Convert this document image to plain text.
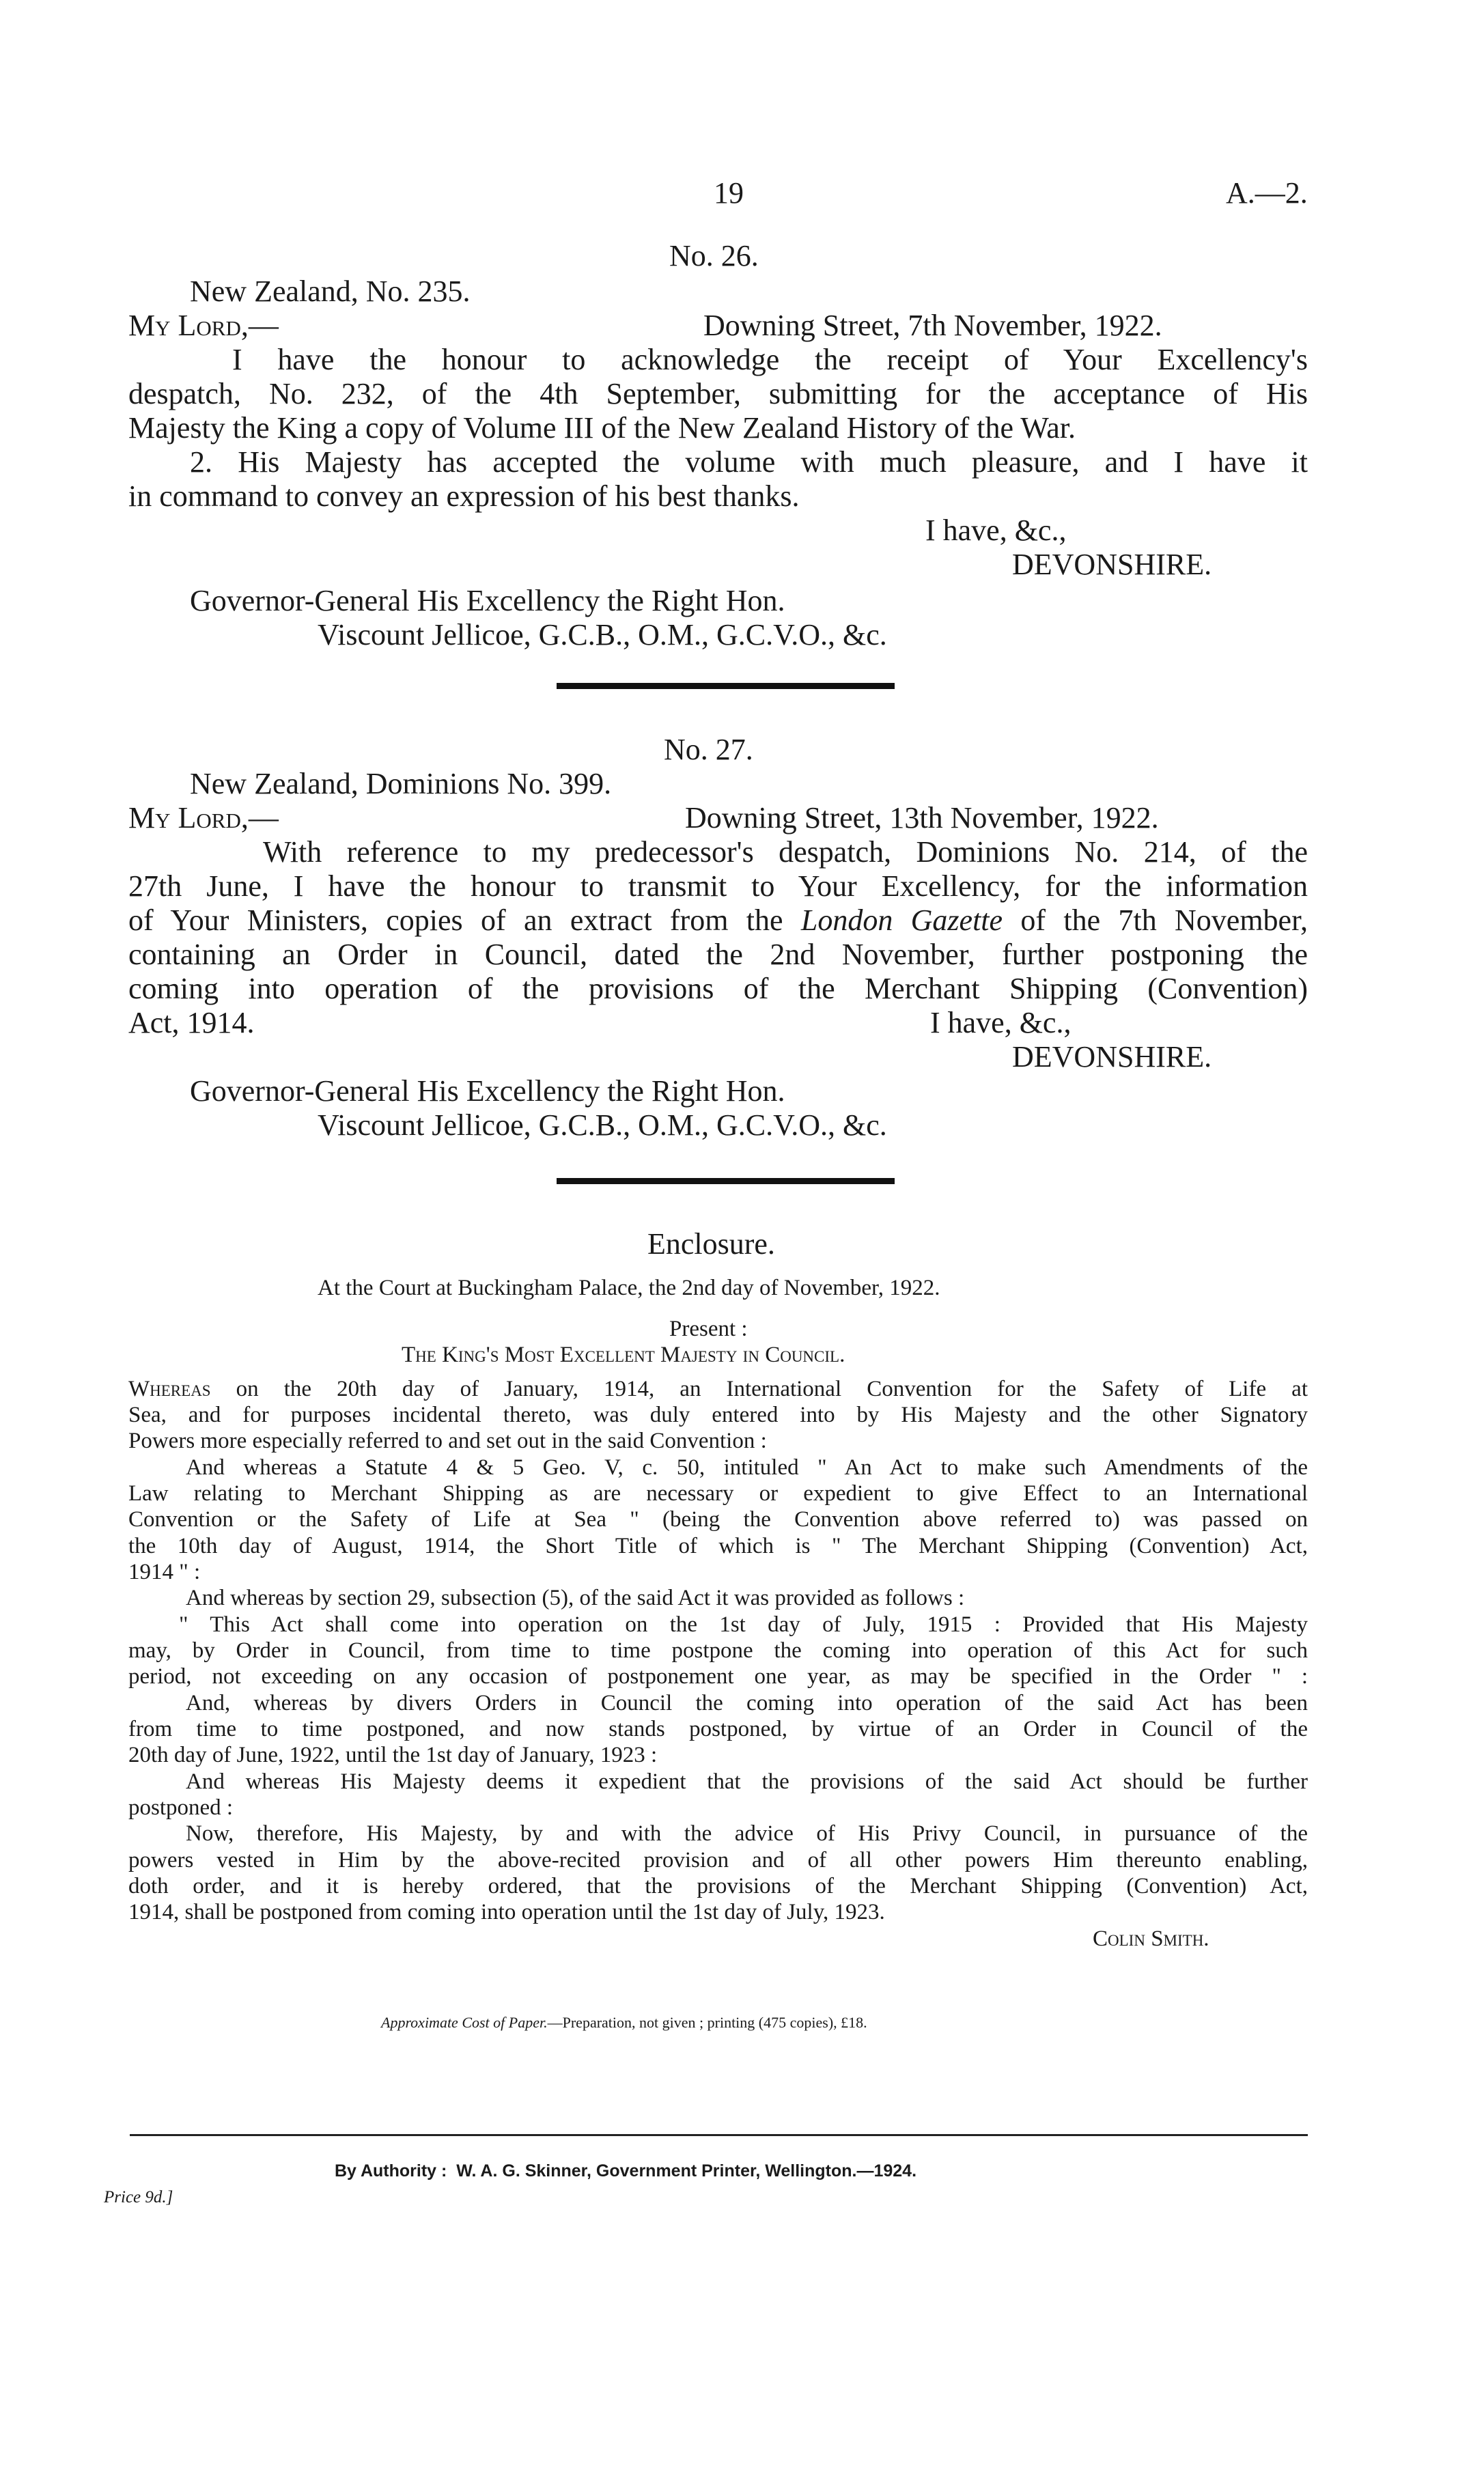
19	A.—2.
No. 26.
New Zealand, No. 235.
My Lord,—	Downing Street, 7th November, 1922.
I have the honour to acknowledge the receipt of Your Excellency's
despatch, No. 232, of the 4th September, submitting for the acceptance of His
Majesty the King a copy of Volume III of the New Zealand History of the War.
2. His Majesty has accepted the volume with much pleasure, and I have it
in command to convey an expression of his best thanks.
I have, &c.,
DEVONSHIRE.
Governor-General His Excellency the Right Hon.
Viscount Jellicoe, G.C.B., O.M., G.C.V.O., &c.
No. 27.
New Zealand, Dominions No. 399.
My Lord,—	Downing Street, 13th November, 1922.
With reference to my predecessor's despatch, Dominions No. 214, of the
27th June, I have the honour to transmit to Your Excellency, for the information
of Your Ministers, copies of an extract from the London Gazette of the 7th November,
containing an Order in Council, dated the 2nd November, further postponing the
coming into operation of the provisions of the Merchant Shipping (Convention)
Act, 1914.	I have, &c.,
DEVONSHIRE.
Governor-General His Excellency the Right Hon.
Viscount Jellicoe, G.C.B., O.M., G.C.V.O., &c.
Enclosure.
At the Court at Buckingham Palace, the 2nd day of November, 1922.
Present :
The King's Most Excellent Majesty in Council.
Whereas on the 20th day of January, 1914, an International Convention for the Safety of Life at
Sea, and for purposes incidental thereto, was duly entered into by His Majesty and the other Signatory
Powers more especially referred to and set out in the said Convention :
And whereas a Statute 4 & 5 Geo. V, c. 50, intituled " An Act to make such Amendments of the
Law relating to Merchant Shipping as are necessary or expedient to give Effect to an International
Convention or the Safety of Life at Sea " (being the Convention above referred to) was passed on
the 10th day of August, 1914, the Short Title of which is " The Merchant Shipping (Convention) Act,
1914 " :
And whereas by section 29, subsection (5), of the said Act it was provided as follows :
" This Act shall come into operation on the 1st day of July, 1915 : Provided that His Majesty
may, by Order in Council, from time to time postpone the coming into operation of this Act for such
period, not exceeding on any occasion of postponement one year, as may be specified in the Order " :
And, whereas by divers Orders in Council the coming into operation of the said Act has been
from time to time postponed, and now stands postponed, by virtue of an Order in Council of the
20th day of June, 1922, until the 1st day of January, 1923 :
And whereas His Majesty deems it expedient that the provisions of the said Act should be further
postponed :
Now, therefore, His Majesty, by and with the advice of His Privy Council, in pursuance of the
powers vested in Him by the above-recited provision and of all other powers Him thereunto enabling,
doth order, and it is hereby ordered, that the provisions of the Merchant Shipping (Convention) Act,
1914, shall be postponed from coming into operation until the 1st day of July, 1923.
Colin Smith.
Approximate Cost of Paper.—Preparation, not given ; printing (475 copies), £18.
By Authority : W. A. G. Skinner, Government Printer, Wellington.—1924.
Price 9d.]
